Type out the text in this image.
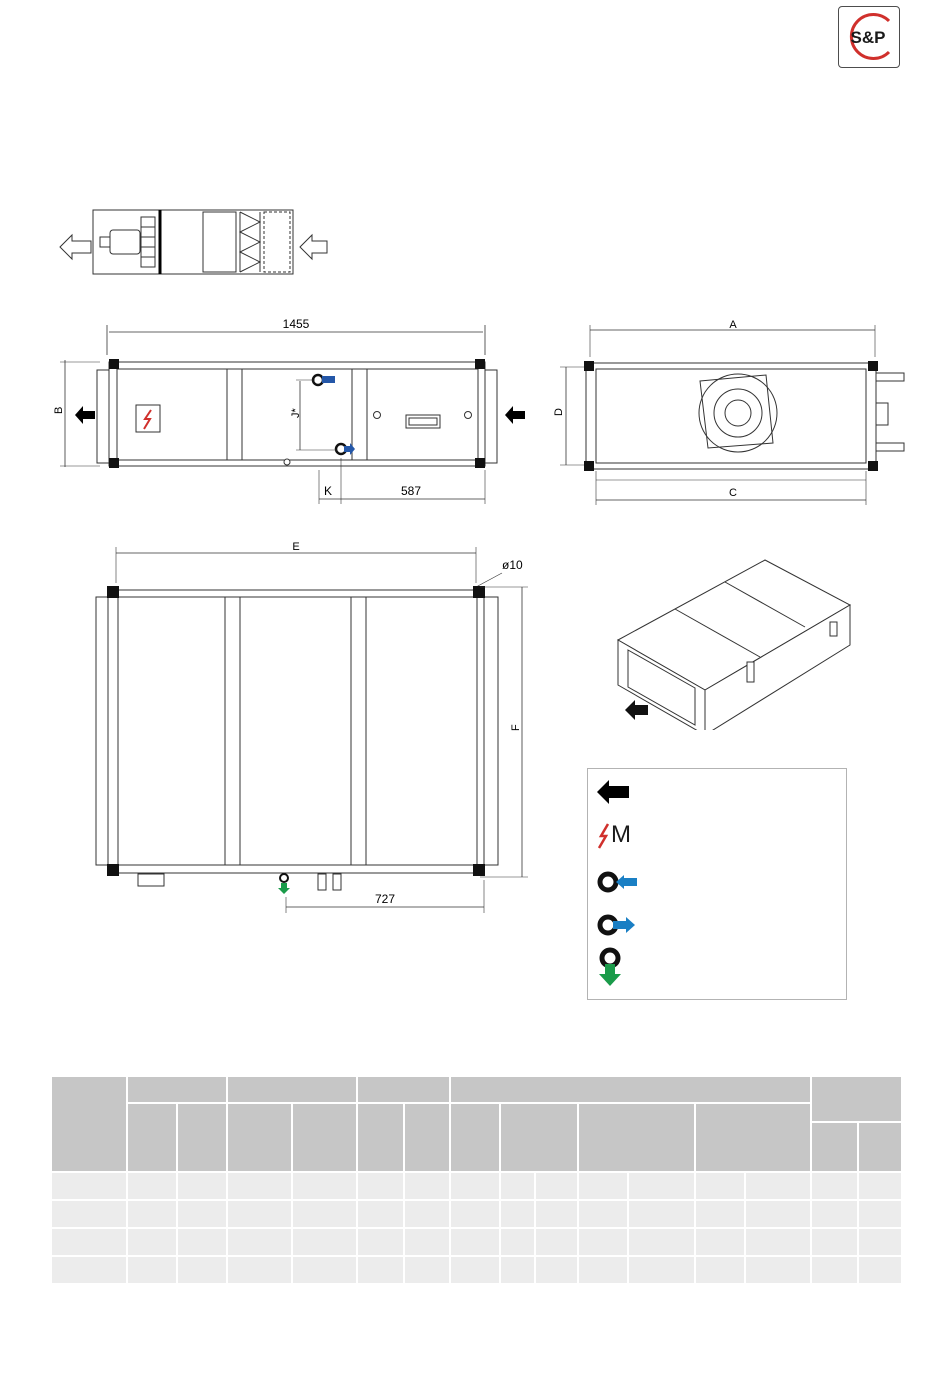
S&P
1455
B	J*
K	587
A
D
C
E
ø10
F
727
M
